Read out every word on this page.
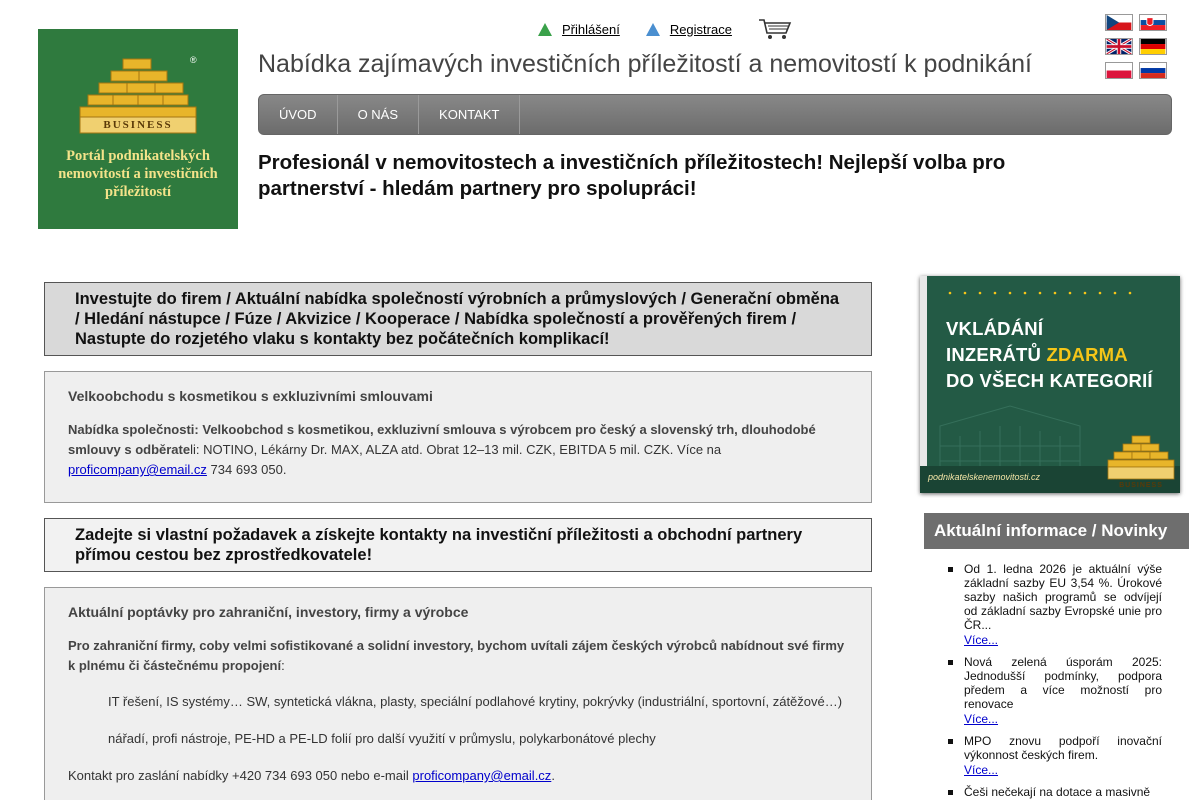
®
BUSINESS
Portál podnikatelských nemovitostí a investičních příležitostí
Přihlášení	Registrace
Nabídka zajímavých investičních příležitostí a nemovitostí k podnikání
ÚVOD	O NÁS	KONTAKT
Profesionál v nemovitostech a investičních příležitostech! Nejlepší volba pro partnerství - hledám partnery pro spolupráci!
Investujte do firem / Aktuální nabídka společností výrobních a průmyslových / Generační obměna / Hledání nástupce / Fúze / Akvizice / Kooperace / Nabídka společností a prověřených firem / Nastupte do rozjetého vlaku s kontakty bez počátečních komplikací!
Velkoobchodu s kosmetikou s exkluzivními smlouvami
Nabídka společnosti: Velkoobchod s kosmetikou, exkluzivní smlouva s výrobcem pro český a slovenský trh, dlouhodobé smlouvy s odběrateli: NOTINO, Lékárny Dr. MAX, ALZA atd. Obrat 12–13 mil. CZK, EBITDA 5 mil. CZK. Více na proficompany@email.cz 734 693 050.
Zadejte si vlastní požadavek a získejte kontakty na investiční příležitosti a obchodní partnery přímou cestou bez zprostředkovatele!
Aktuální poptávky pro zahraniční, investory, firmy a výrobce
Pro zahraniční firmy, coby velmi sofistikované a solidní investory, bychom uvítali zájem českých výrobců nabídnout své firmy k plnému či částečnému propojení:
IT řešení, IS systémy… SW, syntetická vlákna, plasty, speciální podlahové krytiny, pokrývky (industriální, sportovní, zátěžové…)
nářadí, profi nástroje, PE-HD a PE-LD folií pro další využití v průmyslu, polykarbonátové plechy
Kontakt pro zaslání nabídky +420 734 693 050 nebo e-mail proficompany@email.cz.
VKLÁDÁNÍ
INZERÁTŮ ZDARMA
DO VŠECH KATEGORIÍ
podnikatelskenemovitosti.cz
BUSINESS
Aktuální informace / Novinky
Od 1. ledna 2026 je aktuální výše základní sazby EU 3,54 %. Úrokové sazby našich programů se odvíjejí od základní sazby Evropské unie pro ČR...
Více...
Nová zelená úsporám 2025: Jednodušší podmínky, podpora předem a více možností pro renovace
Více...
MPO znovu podpoří inovační výkonnost českých firem.
Více...
Češi nečekají na dotace a masivně
